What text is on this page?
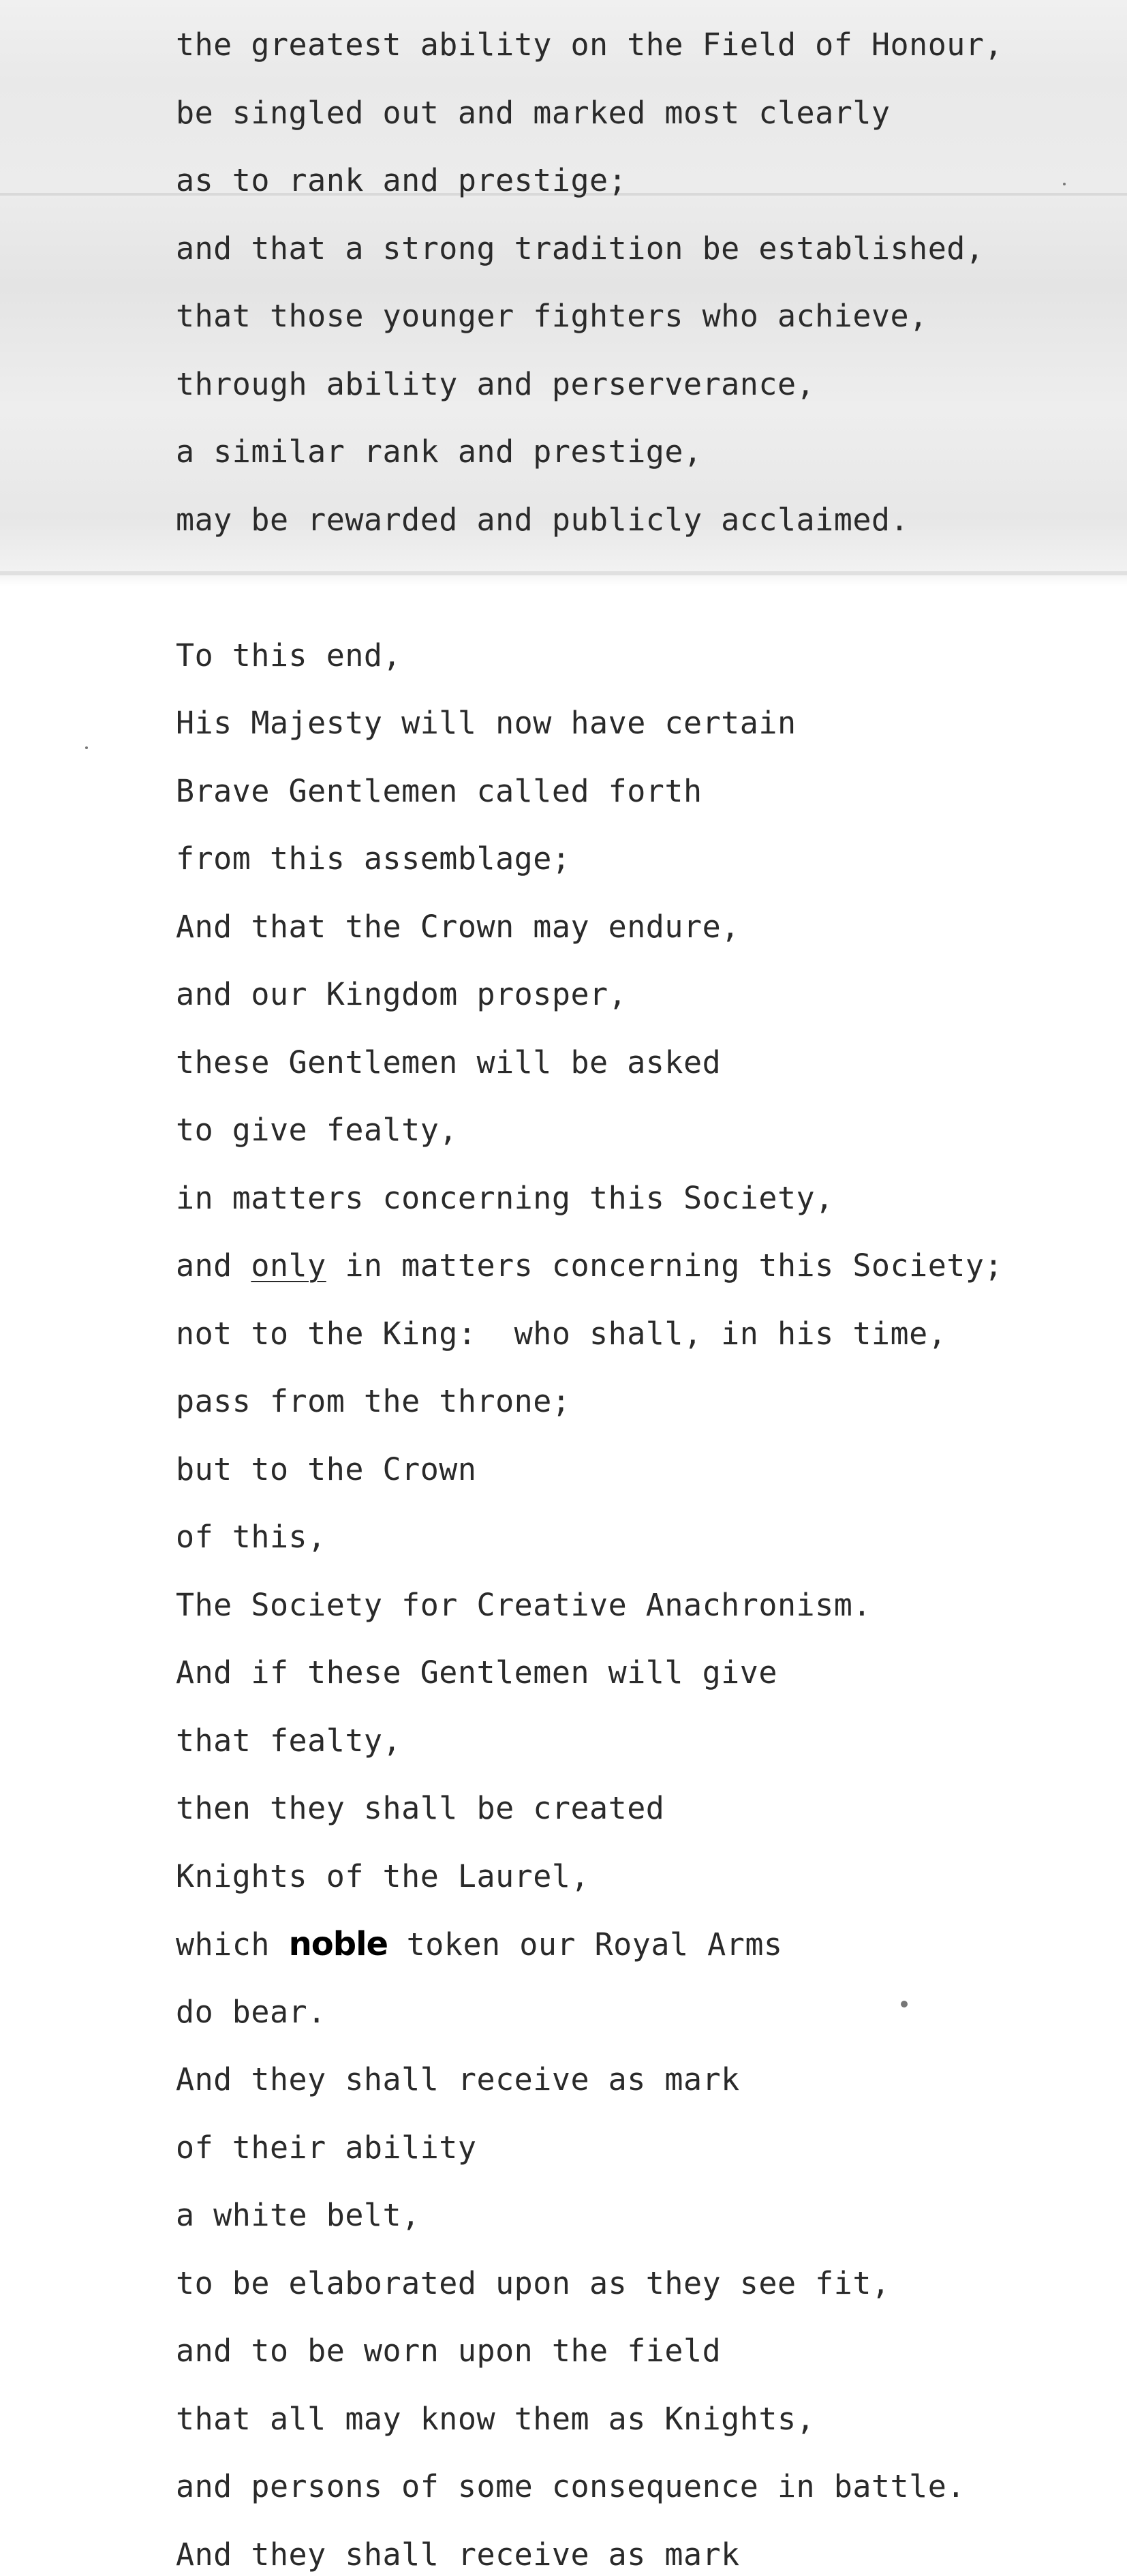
the greatest ability on the Field of Honour,
be singled out and marked most clearly
as to rank and prestige;
and that a strong tradition be established,
that those younger fighters who achieve,
through ability and perserverance,
a similar rank and prestige,
may be rewarded and publicly acclaimed.
To this end,
His Majesty will now have certain
Brave Gentlemen called forth
from this assemblage;
And that the Crown may endure,
and our Kingdom prosper,
these Gentlemen will be asked
to give fealty,
in matters concerning this Society,
and only in matters concerning this Society;
not to the King:  who shall, in his time,
pass from the throne;
but to the Crown
of this,
The Society for Creative Anachronism.
And if these Gentlemen will give
that fealty,
then they shall be created
Knights of the Laurel,
which noble token our Royal Arms
do bear.
And they shall receive as mark
of their ability
a white belt,
to be elaborated upon as they see fit,
and to be worn upon the field
that all may know them as Knights,
and persons of some consequence in battle.
And they shall receive as mark
